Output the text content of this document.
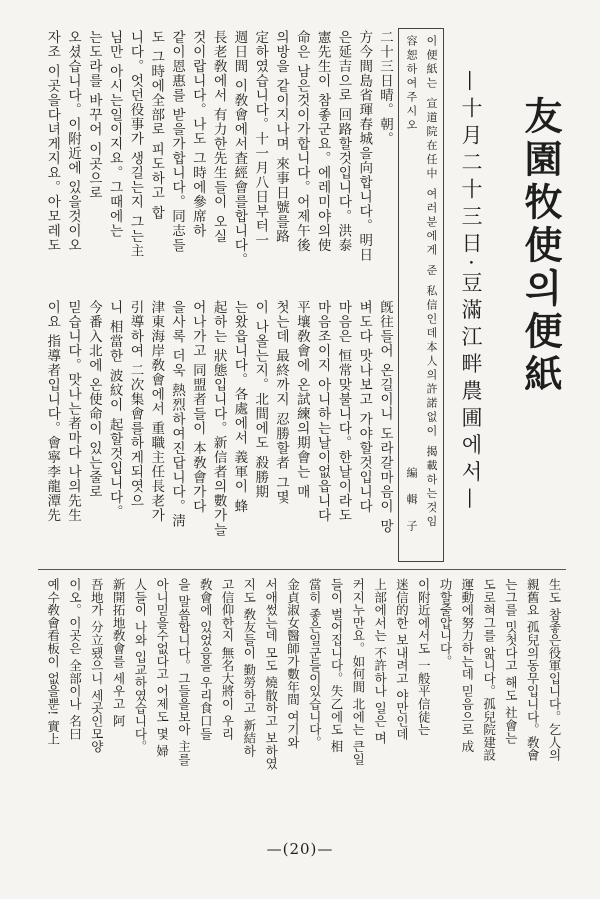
友園牧使의便紙
—十月二十三日·豆滿江畔農圃에서—
이便紙는 宣道院在任中 여러분에게 준 私信인데本人의許諾없이 揭載하는것임
容恕하여주시오
編 輯 子
二十三日晴。朝。
方今間島省琿春城을向합니다。明日
은延吉으로 回路할것입니다。洪泰
憲先生이 참좋군요。에레미야의使
命은 남은것이가합니다。어제午後
의방을 같이지나며 來事日號를路
定하였습니다。十一月八日부터一
週日間 이敎會에서査經會를합니다。
長老敎에서 有力한先生들이 오실
것이랍니다。나도 그時에參席하
같이恩惠를 받을가합니다。同志들
도 그時에全部로 피도하고 합
니다。엇던役事가 생길는지 그는主
님만 아시는일이지요。그때에는
는도라를 바꾸어 이곳으로
오셨습니다。이附近에 있을것이오
자조 이곳을다녀게지요。아모레도
旣往들어 온길이니 도라갈마음이 망
벼도다 맛나보고 가야할것입니다
마음은 恒常맞불니다。한날이라도
마음조이지 아니하는날이없읍니다
平壤敎會에 온試練의期會는 매
첫는데 最終까지 忍勝할者 그몇
이 나올는지。北間에도 殺勝期
는왔읍니다。各處에서 義軍이 蜂
起하는 狀態입니다。新信者의數가늘
어나가고 同盟者들이 本敎會가다
을사록 더욱 熱烈하여진답니다。淸
津東海岸敎會에서 重職主任長老가
引導하여 二次集會를하게되엿으
니 相當한 波紋이 起할것입니다。
今番入北에 온使命이 있는줄로
믿습니다。맛나는者마다 나의先生
이요 指導者입니다。會寧李龍潭先
生도 참좋은役軍입니다。乞人의
親舊요 孤兒의동무입니다。敎會
는그를 밋첫다고 해도 社會는
도로혀그를 앎니다。孤兒院建設
運動에努力하는데 믿음으로 成
功할줄압니다。
이附近에서도 一般平信徒는
迷信的한 보내려고 야만인데
上部에서는 不許하나 일은 며
커지누만요。如何間 北에는 큰일
들이 벌어집니다。失乙에도 相
當히 좋은일군들이있습니다。
金貞淑女醫師가數年間 여기와
서애썼는데 모도 燒散하고 보하였
지도 敎友들이 勤勞하고 新結하
고信仰한지 無名大將이 우리
敎會에 있었음을 우리食口들
을 말씀합니다。그들을보아 主를
아니믿을수없다고 어제도 몇 婦
人들이 나와 입교하였습니다。
新開拓地敎會를 세우고 阿
吾地가 分立됐으니 세곳인모양
이오。이곳은 全部이나 名曰
예수敎會看板이 없을뿐! 實上
—(20)—
